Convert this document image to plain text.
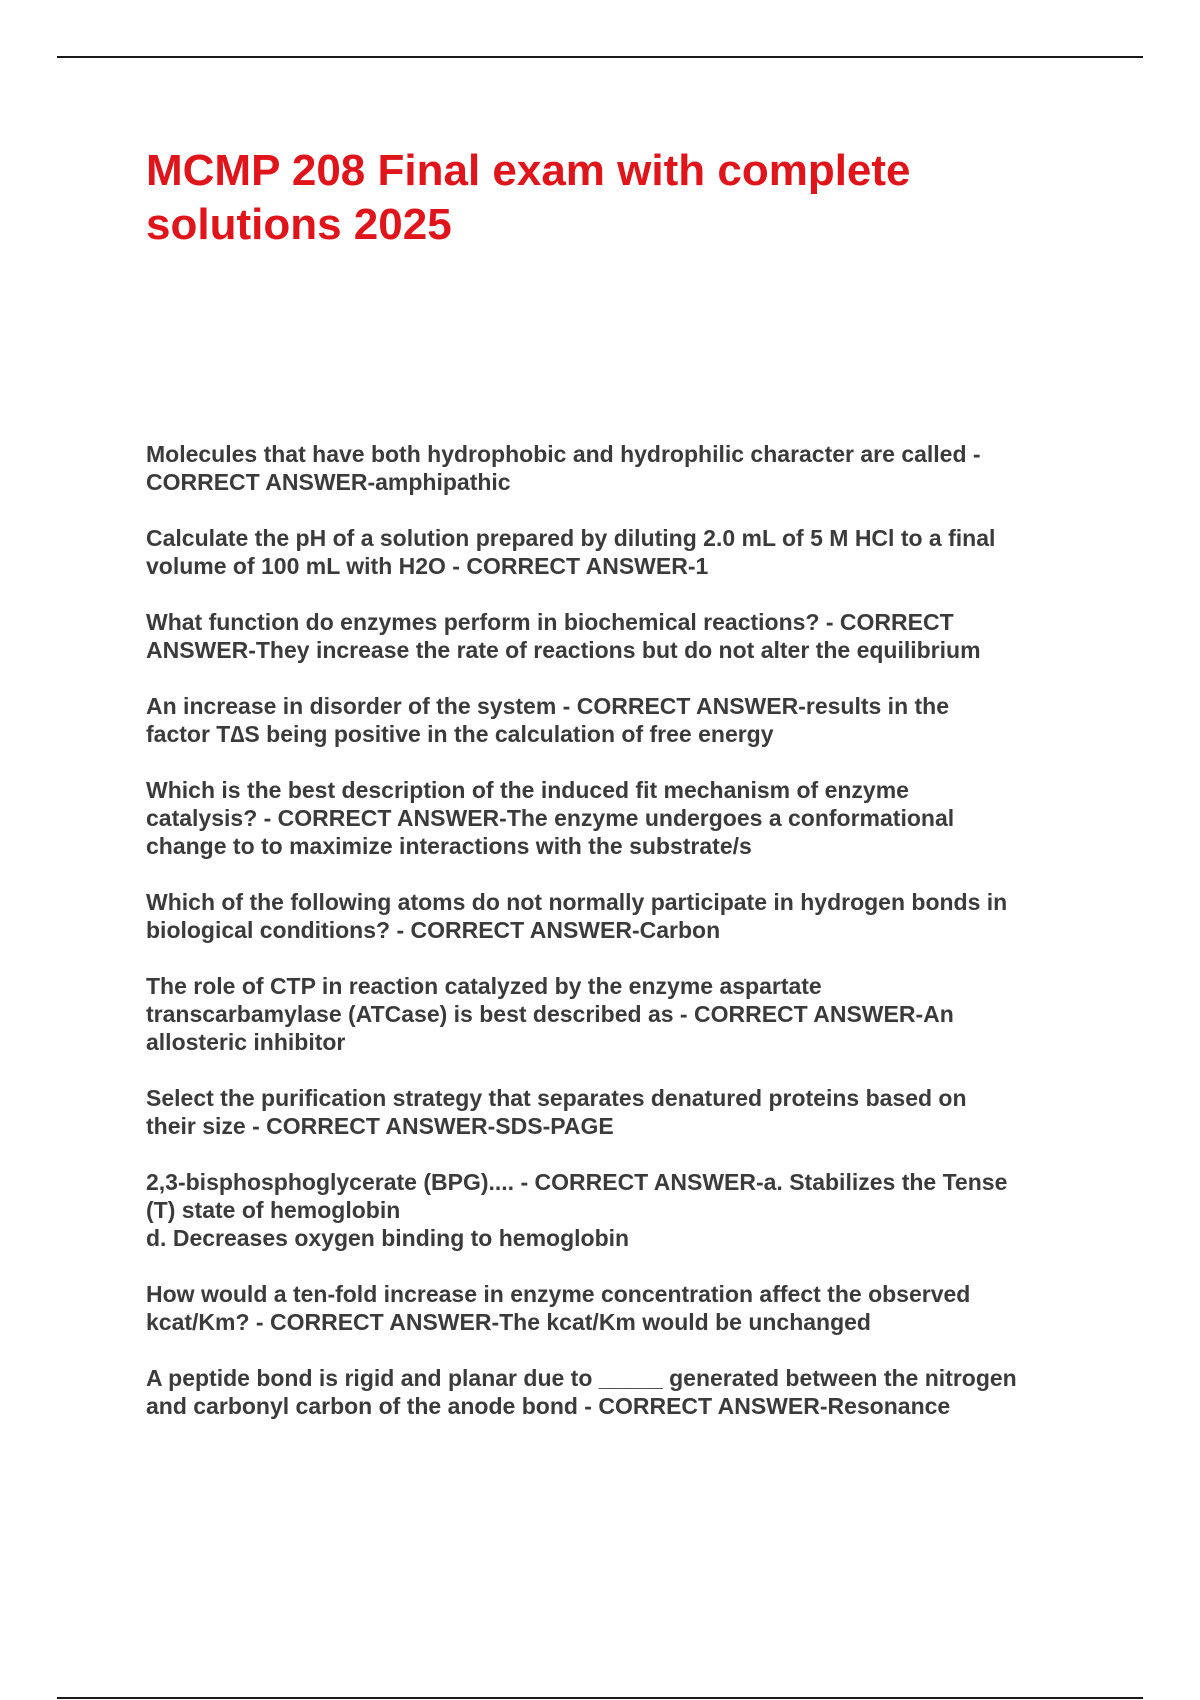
MCMP 208 Final exam with complete
solutions 2025
Molecules that have both hydrophobic and hydrophilic character are called -
CORRECT ANSWER-amphipathic
Calculate the pH of a solution prepared by diluting 2.0 mL of 5 M HCl to a final
volume of 100 mL with H2O - CORRECT ANSWER-1
What function do enzymes perform in biochemical reactions? - CORRECT
ANSWER-They increase the rate of reactions but do not alter the equilibrium
An increase in disorder of the system - CORRECT ANSWER-results in the
factor T∆S being positive in the calculation of free energy
Which is the best description of the induced fit mechanism of enzyme
catalysis? - CORRECT ANSWER-The enzyme undergoes a conformational
change to to maximize interactions with the substrate/s
Which of the following atoms do not normally participate in hydrogen bonds in
biological conditions? - CORRECT ANSWER-Carbon
The role of CTP in reaction catalyzed by the enzyme aspartate
transcarbamylase (ATCase) is best described as - CORRECT ANSWER-An
allosteric inhibitor
Select the purification strategy that separates denatured proteins based on
their size - CORRECT ANSWER-SDS-PAGE
2,3-bisphosphoglycerate (BPG).... - CORRECT ANSWER-a. Stabilizes the Tense
(T) state of hemoglobin
d. Decreases oxygen binding to hemoglobin
How would a ten-fold increase in enzyme concentration affect the observed
kcat/Km? - CORRECT ANSWER-The kcat/Km would be unchanged
A peptide bond is rigid and planar due to _____ generated between the nitrogen
and carbonyl carbon of the anode bond - CORRECT ANSWER-Resonance
